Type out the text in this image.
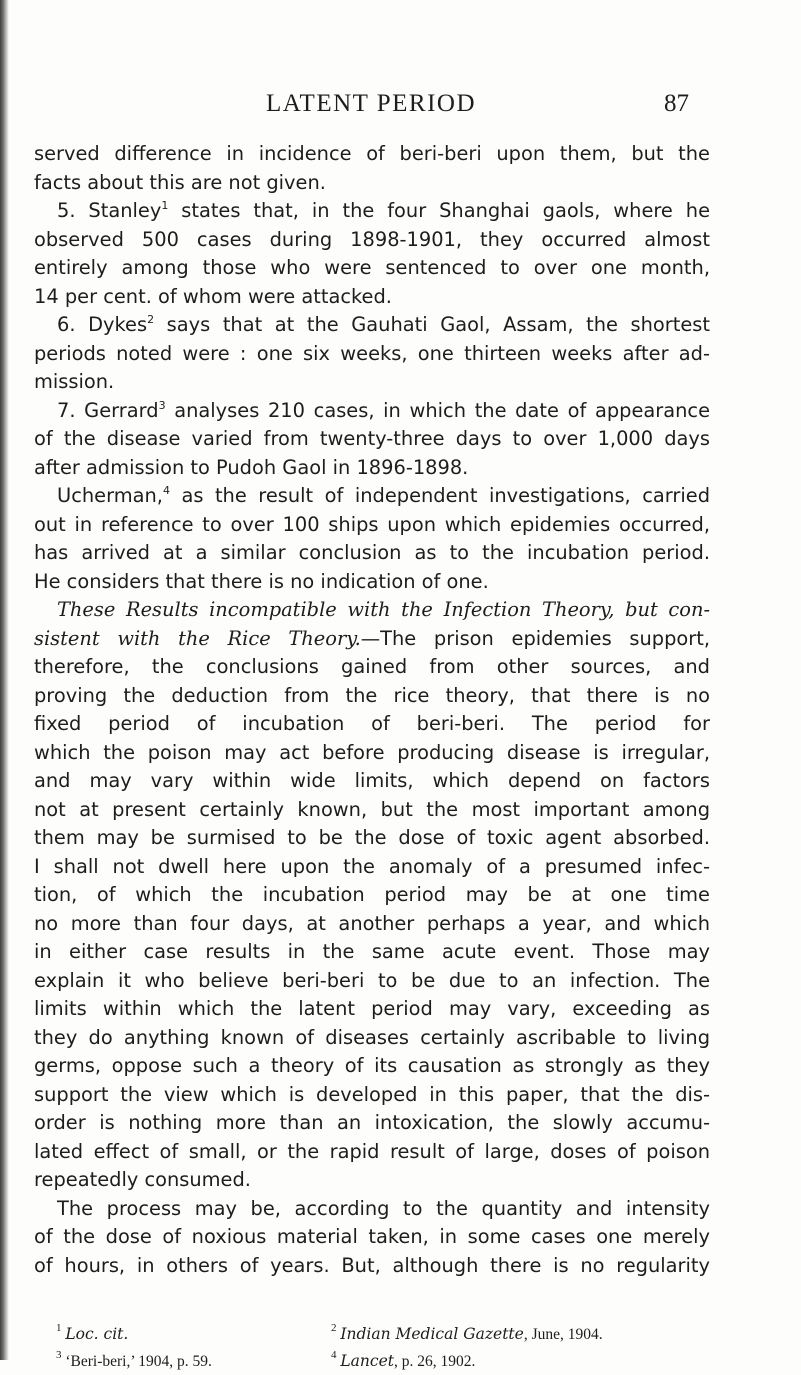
LATENT PERIOD	87
served difference in incidence of beri-beri upon them, but the
facts about this are not given.
5. Stanley$^1$ states that, in the four Shanghai gaols, where he
observed 500 cases during 1898-1901, they occurred almost
entirely among those who were sentenced to over one month,
14 per cent. of whom were attacked.
6. Dykes$^2$ says that at the Gauhati Gaol, Assam, the shortest
periods noted were : one six weeks, one thirteen weeks after ad-
mission.
7. Gerrard$^3$ analyses 210 cases, in which the date of appearance
of the disease varied from twenty-three days to over 1,000 days
after admission to Pudoh Gaol in 1896-1898.
Ucherman,$^4$ as the result of independent investigations, carried
out in reference to over 100 ships upon which epidemies occurred,
has arrived at a similar conclusion as to the incubation period.
He considers that there is no indication of one.
These Results incompatible with the Infection Theory, but con-
sistent with the Rice Theory.—The prison epidemies support,
therefore, the conclusions gained from other sources, and
proving the deduction from the rice theory, that there is no
fixed period of incubation of beri-beri. The period for
which the poison may act before producing disease is irregular,
and may vary within wide limits, which depend on factors
not at present certainly known, but the most important among
them may be surmised to be the dose of toxic agent absorbed.
I shall not dwell here upon the anomaly of a presumed infec-
tion, of which the incubation period may be at one time
no more than four days, at another perhaps a year, and which
in either case results in the same acute event. Those may
explain it who believe beri-beri to be due to an infection. The
limits within which the latent period may vary, exceeding as
they do anything known of diseases certainly ascribable to living
germs, oppose such a theory of its causation as strongly as they
support the view which is developed in this paper, that the dis-
order is nothing more than an intoxication, the slowly accumu-
lated effect of small, or the rapid result of large, doses of poison
repeatedly consumed.
The process may be, according to the quantity and intensity
of the dose of noxious material taken, in some cases one merely
of hours, in others of years. But, although there is no regularity
$^1$ Loc. cit.	$^2$ Indian Medical Gazette, June, 1904.
$^3$ ‘Beri-beri,’ 1904, p. 59.	$^4$ Lancet, p. 26, 1902.
